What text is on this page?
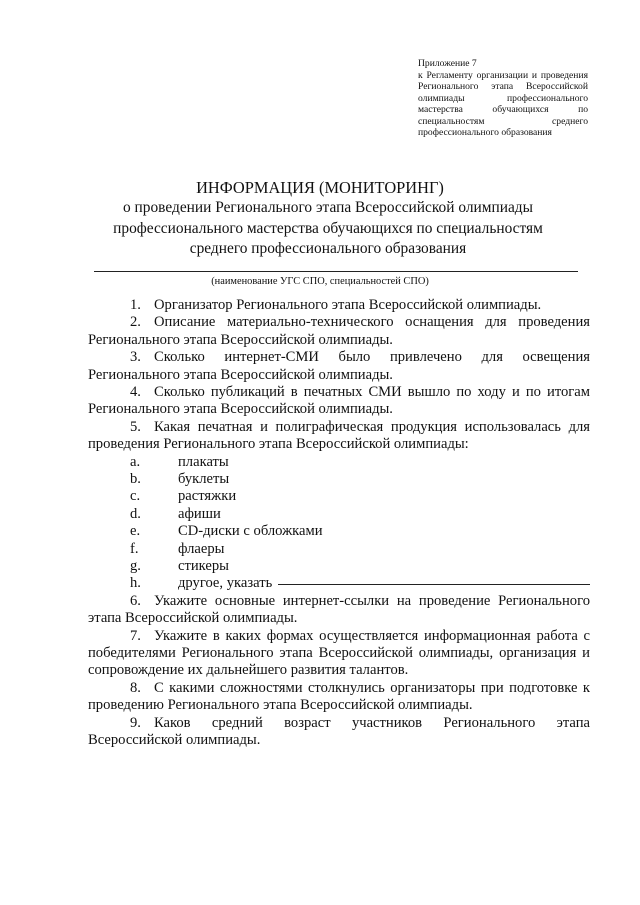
Приложение 7
к Регламенту организации и проведения Регионального этапа Всероссийской олимпиады профессионального мастерства обучающихся по специальностям среднего профессионального образования
ИНФОРМАЦИЯ (МОНИТОРИНГ)
о проведении Регионального этапа Всероссийской олимпиады
профессионального мастерства обучающихся по специальностям
среднего профессионального образования
(наименование УГС СПО, специальностей СПО)

1. Организатор Регионального этапа Всероссийской олимпиады.

2. Описание материально-технического оснащения для проведения Регионального этапа Всероссийской олимпиады.

3. Сколько интернет-СМИ было привлечено для освещения Регионального этапа Всероссийской олимпиады.

4. Сколько публикаций в печатных СМИ вышло по ходу и по итогам Регионального этапа Всероссийской олимпиады.

5. Какая печатная и полиграфическая продукция использовалась для проведения Регионального этапа Всероссийской олимпиады:

a.	плакаты
b.	буклеты
c.	растяжки
d.	афиши
e.	CD-диски с обложками
f.	флаеры
g.	стикеры
h.	другое, указать

6. Укажите основные интернет-ссылки на проведение Регионального этапа Всероссийской олимпиады.

7. Укажите в каких формах осуществляется информационная работа с победителями Регионального этапа Всероссийской олимпиады, организация и сопровождение их дальнейшего развития талантов.

8. С какими сложностями столкнулись организаторы при подготовке к проведению Регионального этапа Всероссийской олимпиады.

9. Каков средний возраст участников Регионального этапа Всероссийской олимпиады.
